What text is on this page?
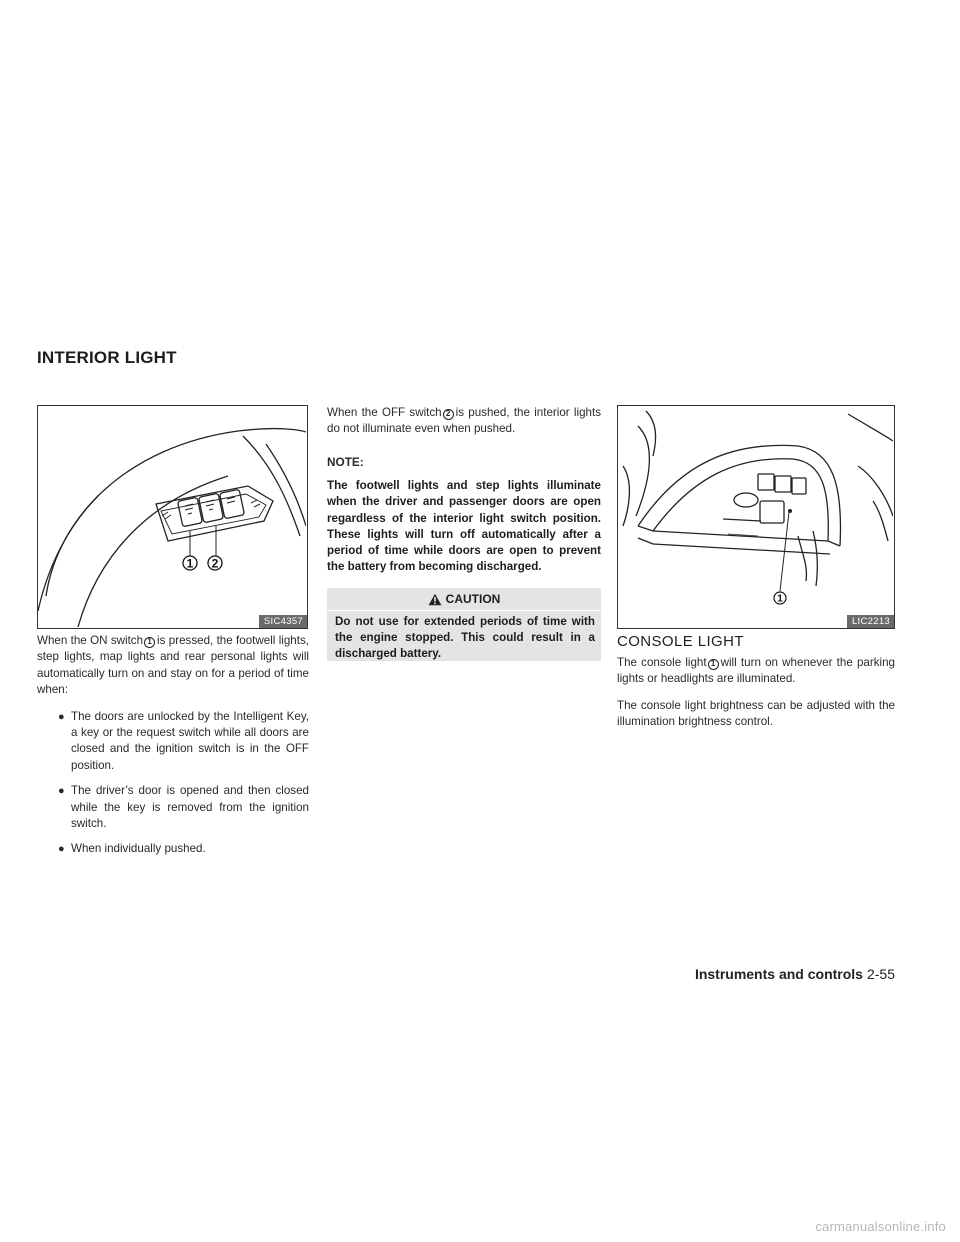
INTERIOR LIGHT
1 2
SIC4357
1
LIC2213

When the ON switch 1 is pressed, the footwell lights, step lights, map lights and rear personal lights will automatically turn on and stay on for a period of time when:

● The doors are unlocked by the Intelligent Key, a key or the request switch while all doors are closed and the ignition switch is in the OFF position.
● The driver’s door is opened and then closed while the key is removed from the ignition switch.
● When individually pushed.

When the OFF switch 2 is pushed, the interior lights do not illuminate even when pushed.

NOTE:

The footwell lights and step lights illuminate when the driver and passenger doors are open regardless of the interior light switch position. These lights will turn off automatically after a period of time while doors are open to prevent the battery from becoming discharged.

CAUTION
Do not use for extended periods of time with the engine stopped. This could result in a discharged battery.
CONSOLE LIGHT

The console light 1 will turn on whenever the parking lights or headlights are illuminated.

The console light brightness can be adjusted with the illumination brightness control.

Instruments and controls 2-55
carmanualsonline.info
